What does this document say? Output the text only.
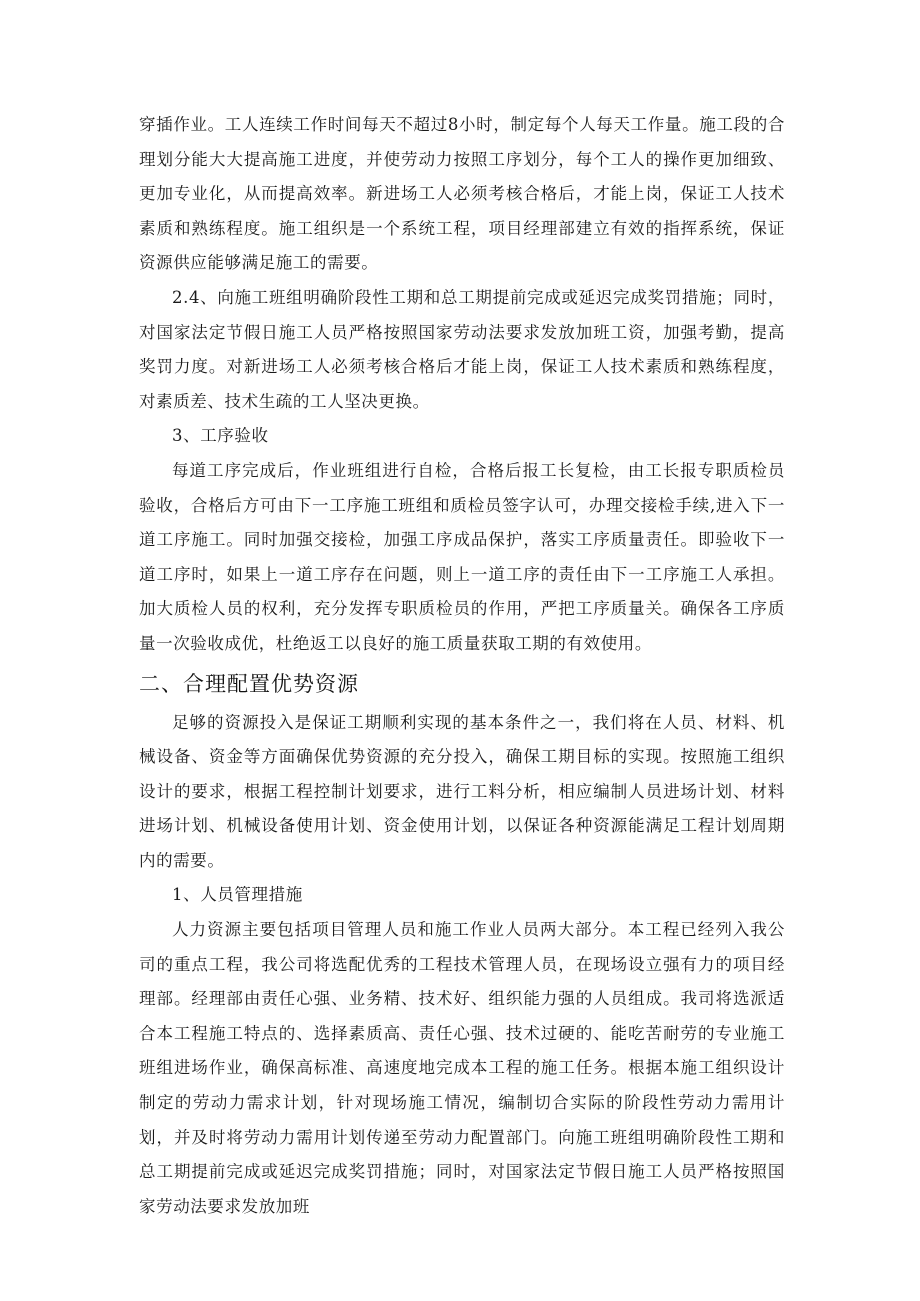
穿插作业。工人连续工作时间每天不超过8小时，制定每个人每天工作量。施工段的合理划分能大大提高施工进度，并使劳动力按照工序划分，每个工人的操作更加细致、更加专业化，从而提高效率。新进场工人必须考核合格后，才能上岗，保证工人技术素质和熟练程度。施工组织是一个系统工程，项目经理部建立有效的指挥系统，保证资源供应能够满足施工的需要。

2.4、向施工班组明确阶段性工期和总工期提前完成或延迟完成奖罚措施；同时，对国家法定节假日施工人员严格按照国家劳动法要求发放加班工资，加强考勤，提高奖罚力度。对新进场工人必须考核合格后才能上岗，保证工人技术素质和熟练程度，对素质差、技术生疏的工人坚决更换。

3、工序验收

每道工序完成后，作业班组进行自检，合格后报工长复检，由工长报专职质检员验收，合格后方可由下一工序施工班组和质检员签字认可，办理交接检手续,进入下一道工序施工。同时加强交接检，加强工序成品保护，落实工序质量责任。即验收下一道工序时，如果上一道工序存在问题，则上一道工序的责任由下一工序施工人承担。加大质检人员的权利，充分发挥专职质检员的作用，严把工序质量关。确保各工序质量一次验收成优，杜绝返工以良好的施工质量获取工期的有效使用。

二、合理配置优势资源

足够的资源投入是保证工期顺利实现的基本条件之一，我们将在人员、材料、机械设备、资金等方面确保优势资源的充分投入，确保工期目标的实现。按照施工组织设计的要求，根据工程控制计划要求，进行工料分析，相应编制人员进场计划、材料进场计划、机械设备使用计划、资金使用计划，以保证各种资源能满足工程计划周期内的需要。

1、人员管理措施

人力资源主要包括项目管理人员和施工作业人员两大部分。本工程已经列入我公司的重点工程，我公司将选配优秀的工程技术管理人员，在现场设立强有力的项目经理部。经理部由责任心强、业务精、技术好、组织能力强的人员组成。我司将选派适合本工程施工特点的、选择素质高、责任心强、技术过硬的、能吃苦耐劳的专业施工班组进场作业，确保高标准、高速度地完成本工程的施工任务。根据本施工组织设计制定的劳动力需求计划，针对现场施工情况，编制切合实际的阶段性劳动力需用计划，并及时将劳动力需用计划传递至劳动力配置部门。向施工班组明确阶段性工期和总工期提前完成或延迟完成奖罚措施；同时，对国家法定节假日施工人员严格按照国家劳动法要求发放加班
